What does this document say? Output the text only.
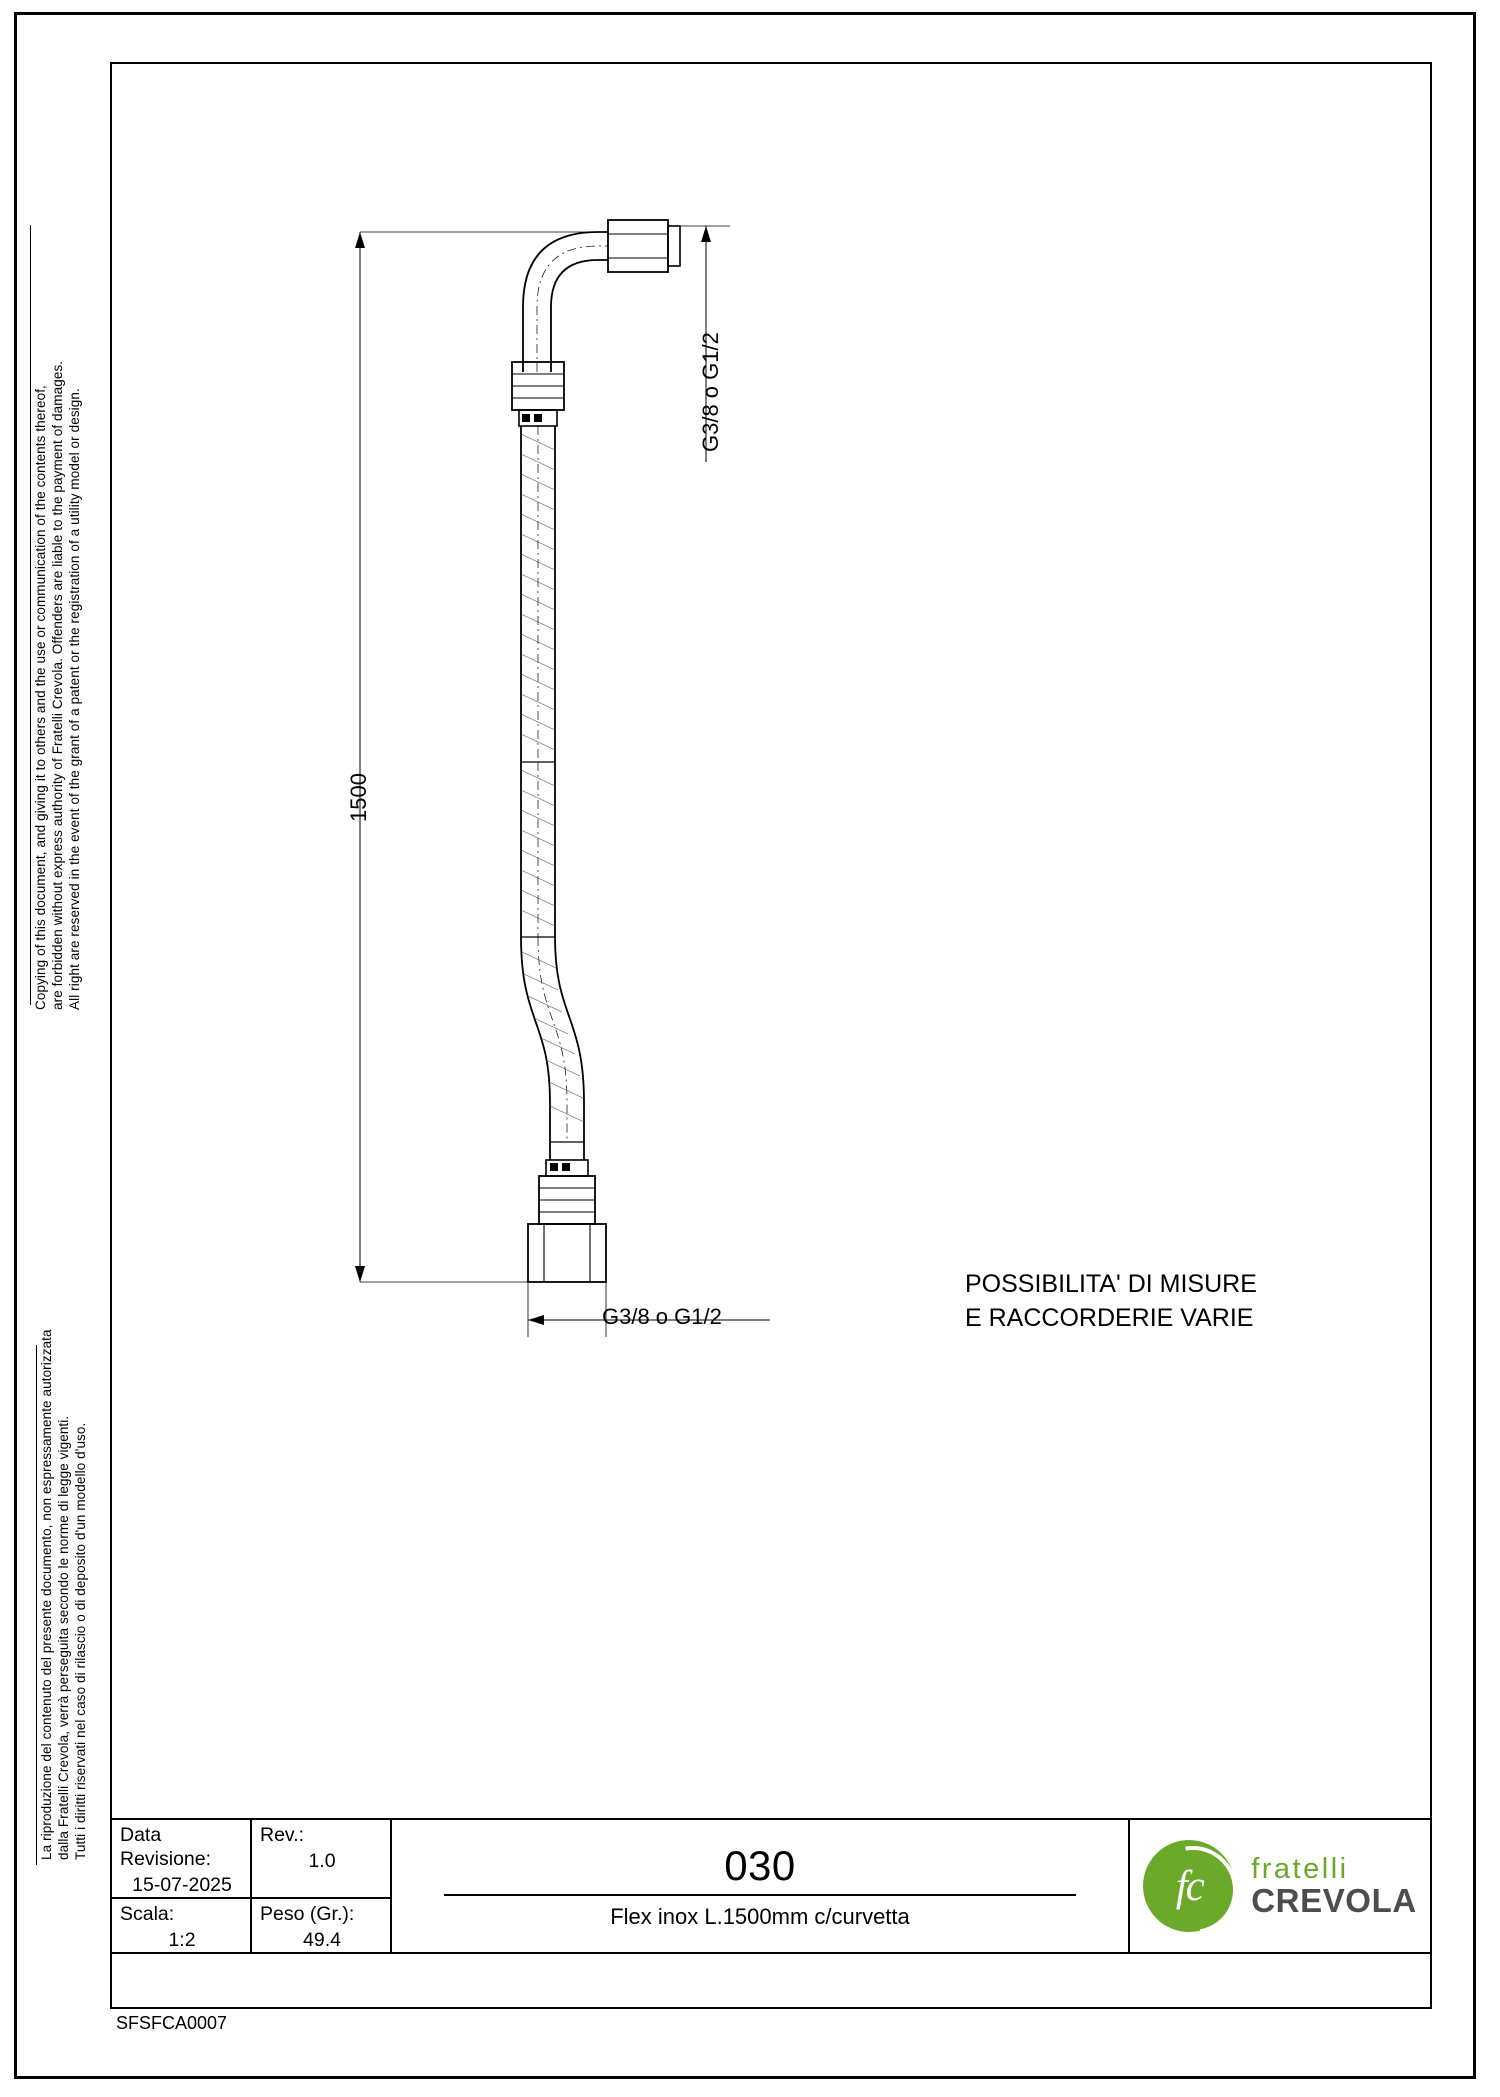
Copying of this document, and giving it to others and the use or communication of the contents thereof, are forbidden without express authority of Fratelli Crevola. Offenders are liable to the payment of damages. All right are reserved in the event of the grant of a patent or the registration of a utility model or design.
La riproduzione del contenuto del presente documento, non espressamente autorizzata dalla Fratelli Crevola, verrà perseguita secondo le norme di legge vigenti. Tutti i diritti riservati nel caso di rilascio o di deposito d'un modello d'uso.
1500
G3/8 o G1/2
G3/8 o G1/2
POSSIBILITA' DI MISURE
E RACCORDERIE VARIE
Data Revisione:
15-07-2025
Rev.:
1.0
Scala:
1:2
Peso (Gr.):
49.4
030
Flex inox L.1500mm c/curvetta
fc	fratelli
CREVOLA
SFSFCA0007
